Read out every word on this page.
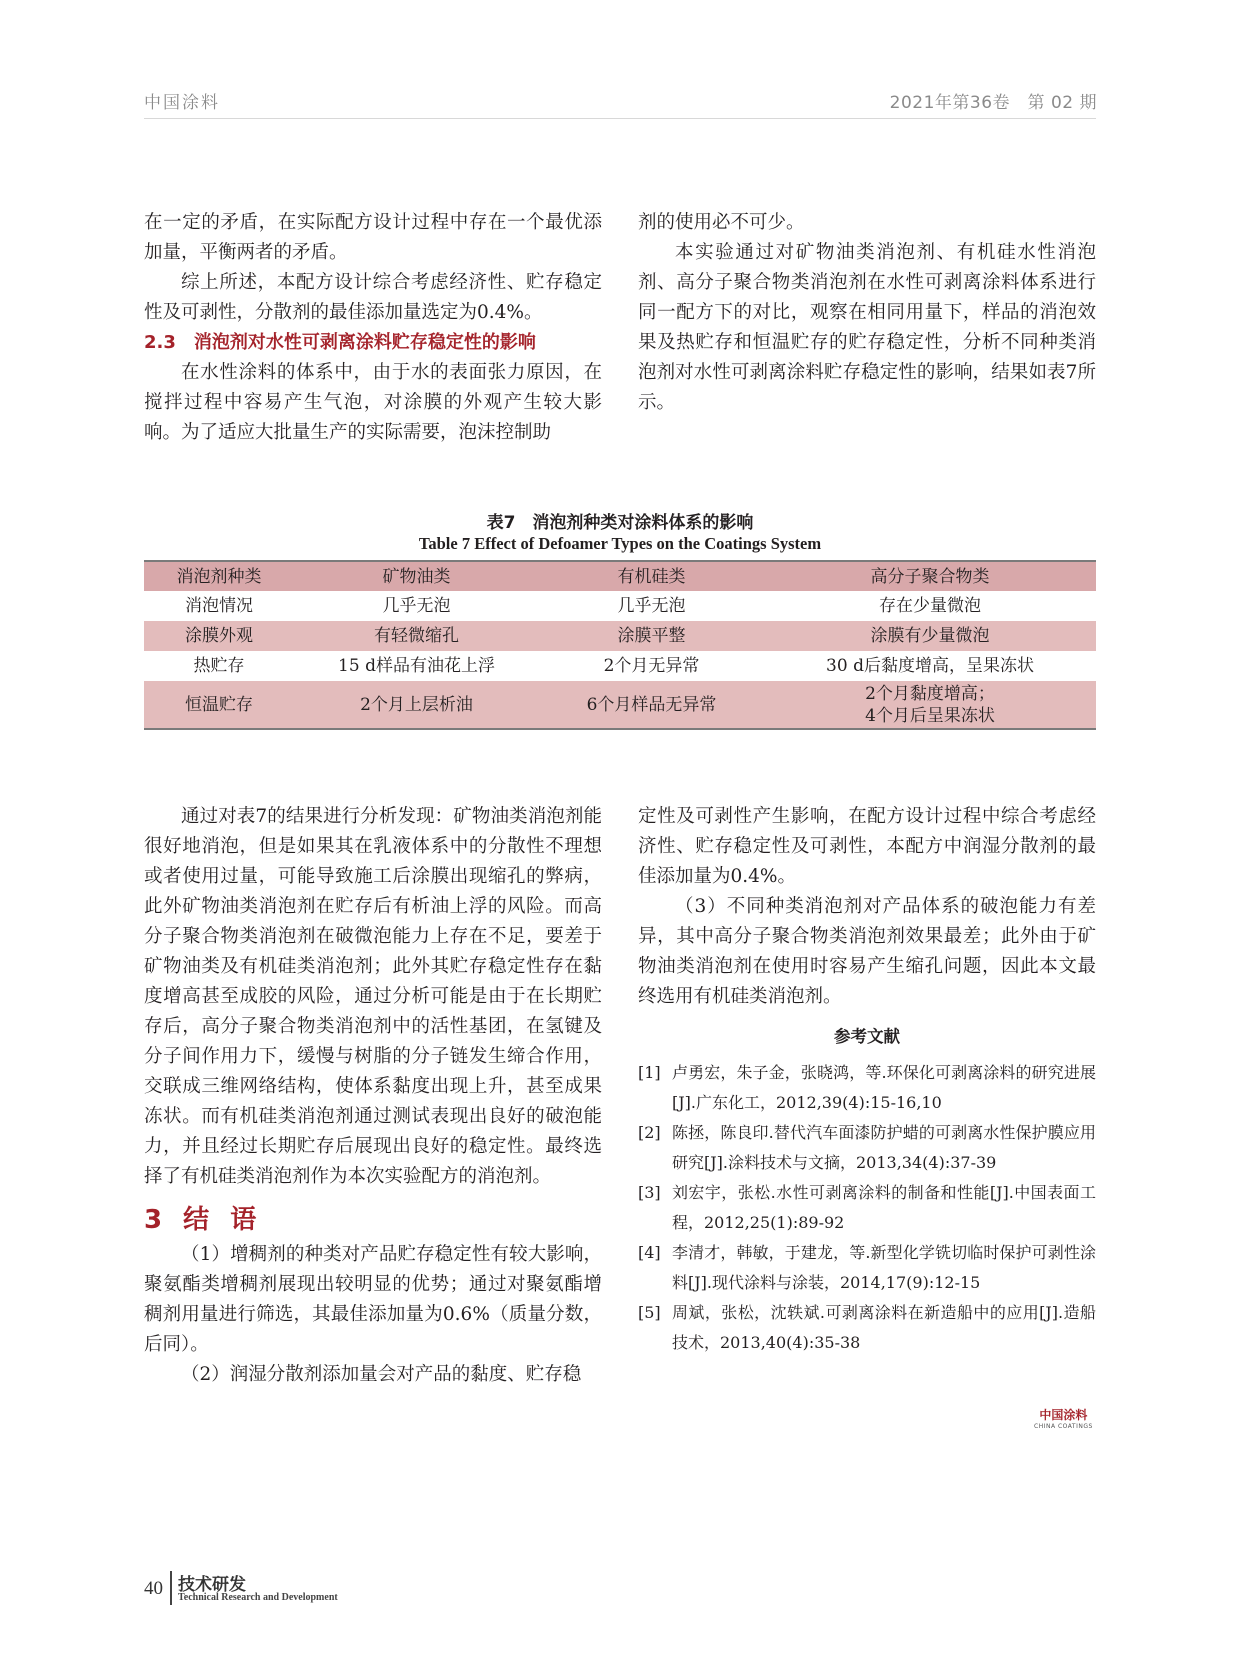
中国涂料	2021年第36卷　第 02 期

在一定的矛盾，在实际配方设计过程中存在一个最优添加量，平衡两者的矛盾。

综上所述，本配方设计综合考虑经济性、贮存稳定性及可剥性，分散剂的最佳添加量选定为0.4%。

2.3　消泡剂对水性可剥离涂料贮存稳定性的影响

在水性涂料的体系中，由于水的表面张力原因，在搅拌过程中容易产生气泡，对涂膜的外观产生较大影响。为了适应大批量生产的实际需要，泡沫控制助

剂的使用必不可少。

本实验通过对矿物油类消泡剂、有机硅水性消泡剂、高分子聚合物类消泡剂在水性可剥离涂料体系进行同一配方下的对比，观察在相同用量下，样品的消泡效果及热贮存和恒温贮存的贮存稳定性，分析不同种类消泡剂对水性可剥离涂料贮存稳定性的影响，结果如表7所示。

表7　消泡剂种类对涂料体系的影响
Table 7 Effect of Defoamer Types on the Coatings System
消泡剂种类	矿物油类	有机硅类	高分子聚合物类
消泡情况	几乎无泡	几乎无泡	存在少量微泡
涂膜外观	有轻微缩孔	涂膜平整	涂膜有少量微泡
热贮存	15 d样品有油花上浮	2个月无异常	30 d后黏度增高，呈果冻状
恒温贮存	2个月上层析油	6个月样品无异常	2个月黏度增高；
4个月后呈果冻状

通过对表7的结果进行分析发现：矿物油类消泡剂能很好地消泡，但是如果其在乳液体系中的分散性不理想或者使用过量，可能导致施工后涂膜出现缩孔的弊病，此外矿物油类消泡剂在贮存后有析油上浮的风险。而高分子聚合物类消泡剂在破微泡能力上存在不足，要差于矿物油类及有机硅类消泡剂；此外其贮存稳定性存在黏度增高甚至成胶的风险，通过分析可能是由于在长期贮存后，高分子聚合物类消泡剂中的活性基团，在氢键及分子间作用力下，缓慢与树脂的分子链发生缔合作用，交联成三维网络结构，使体系黏度出现上升，甚至成果冻状。而有机硅类消泡剂通过测试表现出良好的破泡能力，并且经过长期贮存后展现出良好的稳定性。最终选择了有机硅类消泡剂作为本次实验配方的消泡剂。

3 结 语

（1）增稠剂的种类对产品贮存稳定性有较大影响，聚氨酯类增稠剂展现出较明显的优势；通过对聚氨酯增稠剂用量进行筛选，其最佳添加量为0.6%（质量分数，后同）。

（2）润湿分散剂添加量会对产品的黏度、贮存稳

定性及可剥性产生影响，在配方设计过程中综合考虑经济性、贮存稳定性及可剥性，本配方中润湿分散剂的最佳添加量为0.4%。

（3）不同种类消泡剂对产品体系的破泡能力有差异，其中高分子聚合物类消泡剂效果最差；此外由于矿物油类消泡剂在使用时容易产生缩孔问题，因此本文最终选用有机硅类消泡剂。

参考文献
[1] 卢勇宏，朱子金，张晓鸿，等.环保化可剥离涂料的研究进展[J].广东化工，2012,39(4):15-16,10
[2] 陈拯，陈良印.替代汽车面漆防护蜡的可剥离水性保护膜应用研究[J].涂料技术与文摘，2013,34(4):37-39
[3] 刘宏宇，张松.水性可剥离涂料的制备和性能[J].中国表面工程，2012,25(1):89-92
[4] 李清才，韩敏，于建龙，等.新型化学铣切临时保护可剥性涂料[J].现代涂料与涂装，2014,17(9):12-15
[5] 周斌，张松，沈轶斌.可剥离涂料在新造船中的应用[J].造船技术，2013,40(4):35-38
中国涂料
CHINA COATINGS
40 技术研发
Technical Research and Development
